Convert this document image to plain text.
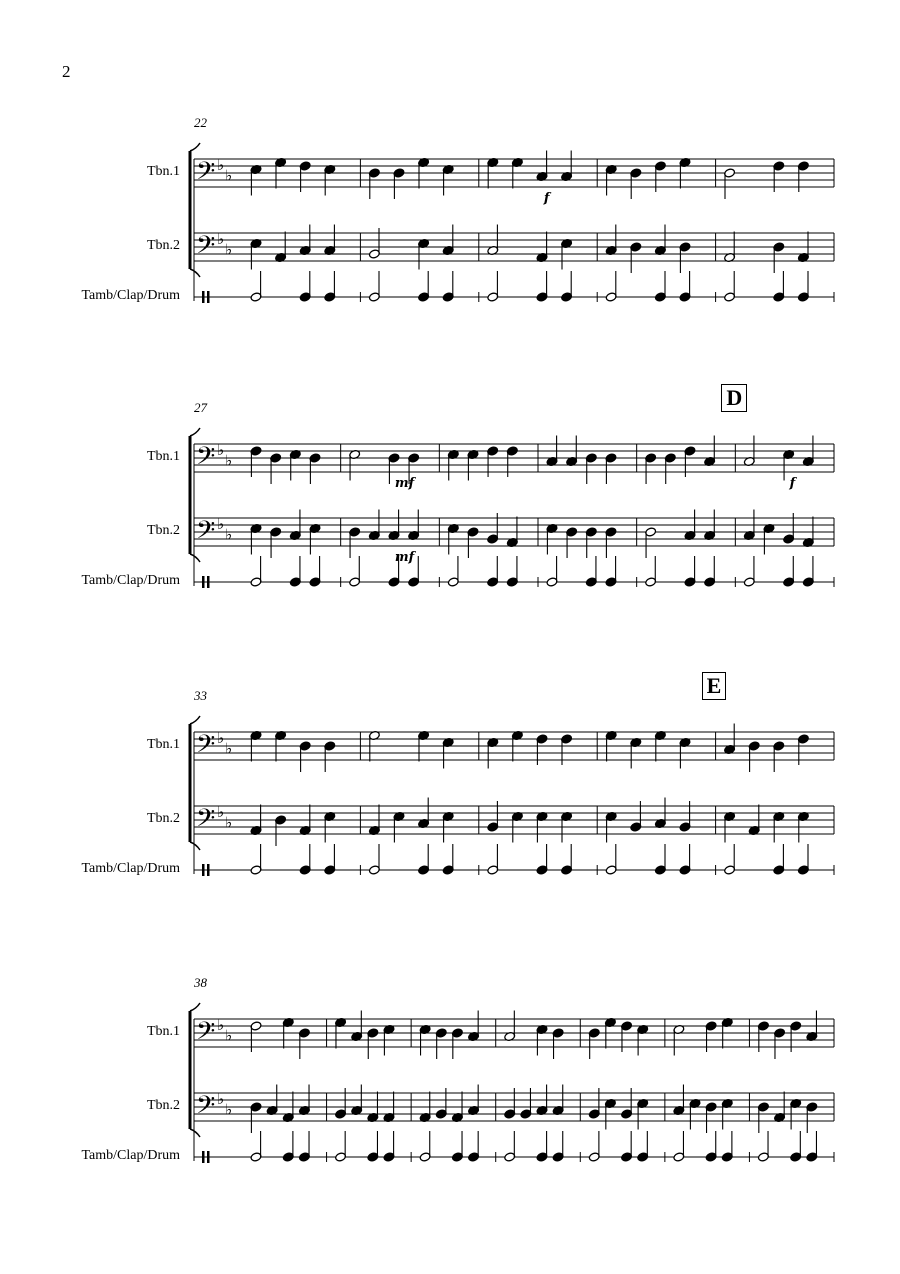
2
22
Tbn.1
Tbn.2
Tamb/Clap/Drum
𝄢 ♭
♭
𝄢 ♭
♭
f
27
Tbn.1
Tbn.2
Tamb/Clap/Drum
𝄢 ♭
♭
𝄢 ♭
♭
D
mf
mf
f
33
Tbn.1
Tbn.2
Tamb/Clap/Drum
𝄢 ♭
♭
𝄢 ♭
♭
E
38
Tbn.1
Tbn.2
Tamb/Clap/Drum
𝄢 ♭
♭
𝄢 ♭
♭
